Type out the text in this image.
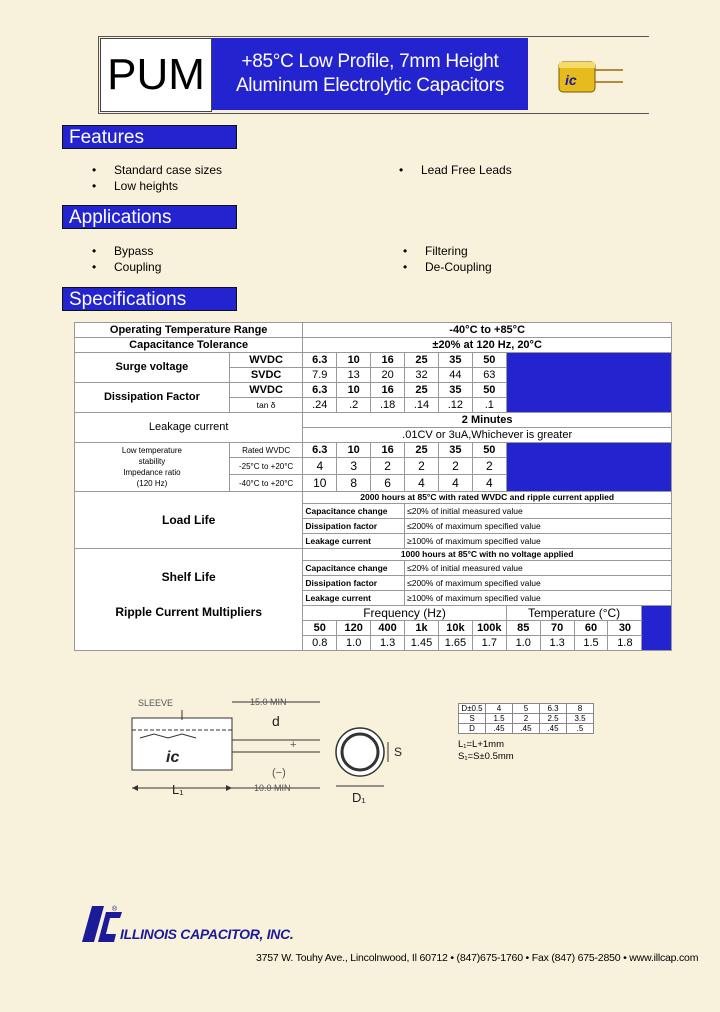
PUM	+85°C Low Profile, 7mm Height
Aluminum Electrolytic Capacitors	ic
Features
• Standard case sizes
• Low heights
• Lead Free Leads
Applications
• Bypass
• Coupling
• Filtering
• De-Coupling
Specifications
Operating Temperature Range		-40°C to +85°C										
Capacitance Tolerance		±20% at 120 Hz, 20°C										
Surge voltage	WVDC	6.3	10	16	25	35	50					
	SVDC	7.9	13	20	32	44	63					
Dissipation Factor	WVDC	6.3	10	16	25	35	50					
	tan δ	.24	.2	.18	.14	.12	.1					
Leakage current		2 Minutes										
		.01CV or 3uA,Whichever is greater										

Low temperature
stability
Impedance ratio
(120 Hz)	Rated WVDC	6.3	10	16	25	35	50					
	-25°C to +20°C	4	3	2	2	2	2					
	-40°C to +20°C	10	8	6	4	4	4					
Load Life		2000 hours at 85°C with rated WVDC and ripple current applied										
		Capacitance change			≤20% of initial measured value							
		Dissipation factor			≤200% of maximum specified value							
		Leakage current			≥100% of maximum specified value							
Shelf Life		1000 hours at 85°C with no voltage applied										
		Capacitance change			≤20% of initial measured value							
		Dissipation factor			≤200% of maximum specified value							
		Leakage current			≥100% of maximum specified value							
Ripple Current Multipliers		Frequency (Hz)						Temperature (°C)				
		50	120	400	1k	10k	100k	85	70	60	30	
		0.8	1.0	1.3	1.45	1.65	1.7	1.0	1.3	1.5	1.8	
ic
SLEEVE	15.0 MIN
d
+
(−)
L₁	10.0 MIN
S
D₁
D±0.5	4	5	6.3	8
S	1.5	2	2.5	3.5
D	.45	.45	.45	.5
L₁=L+1mm
S₁=S±0.5mm
®
ILLINOIS CAPACITOR, INC.
3757 W. Touhy Ave., Lincolnwood, Il 60712 • (847)675-1760 • Fax (847) 675-2850 • www.illcap.com
